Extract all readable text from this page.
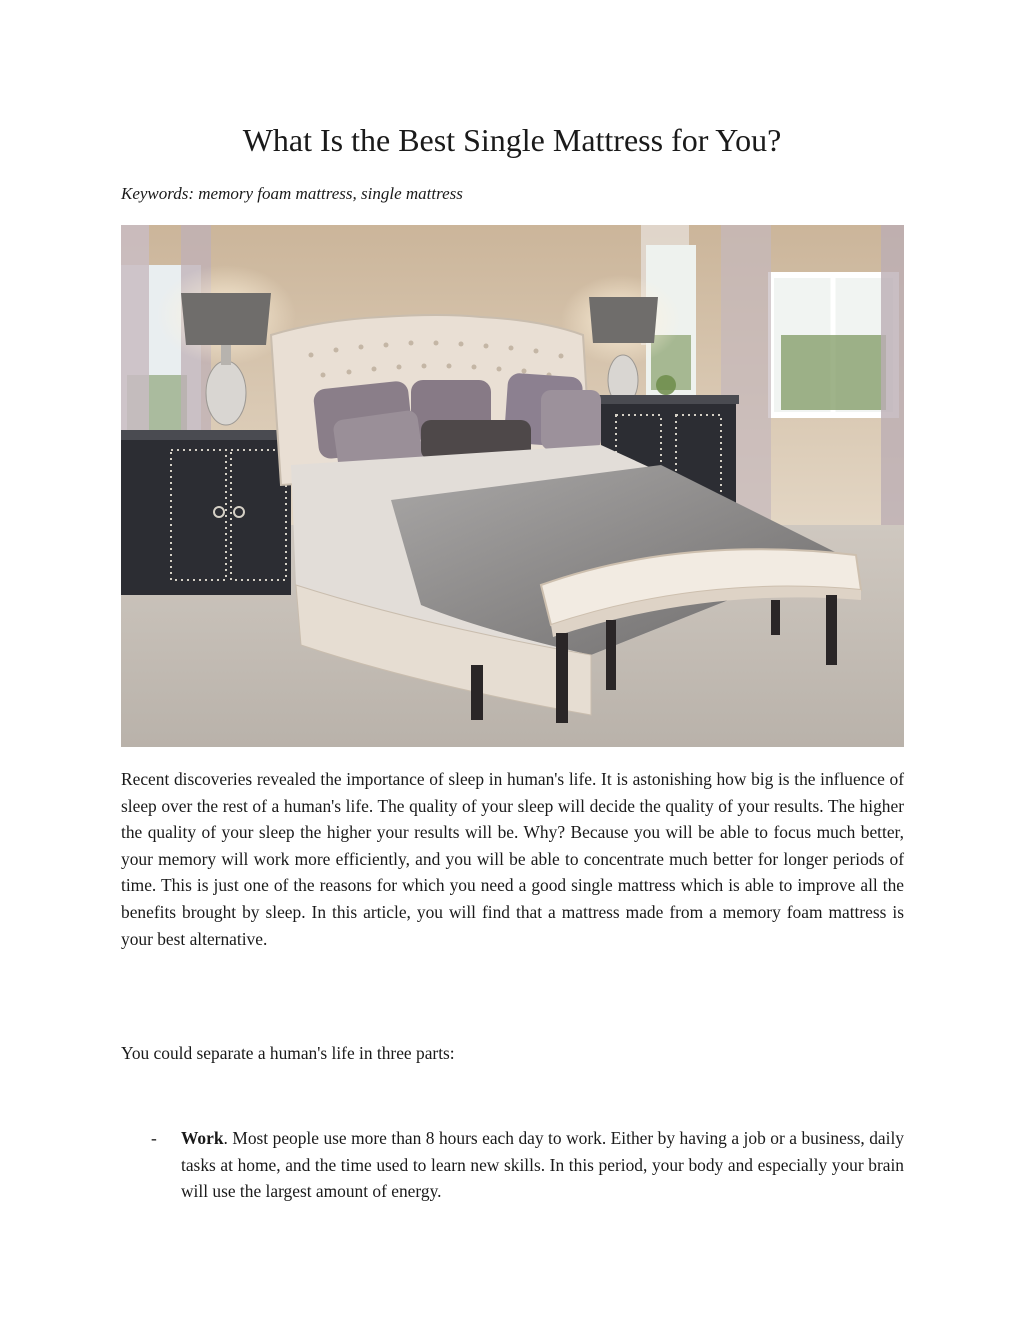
What Is the Best Single Mattress for You?

Keywords: memory foam mattress, single mattress

Recent discoveries revealed the importance of sleep in human's life. It is astonishing how big is the influence of sleep over the rest of a human's life. The quality of your sleep will decide the quality of your results. The higher the quality of your sleep the higher your results will be. Why? Because you will be able to focus much better, your memory will work more efficiently, and you will be able to concentrate much better for longer periods of time. This is just one of the reasons for which you need a good single mattress which is able to improve all the benefits brought by sleep. In this article, you will find that a mattress made from a memory foam mattress is your best alternative.

You could separate a human's life in three parts:

- Work. Most people use more than 8 hours each day to work. Either by having a job or a business, daily tasks at home, and the time used to learn new skills. In this period, your body and especially your brain will use the largest amount of energy.
